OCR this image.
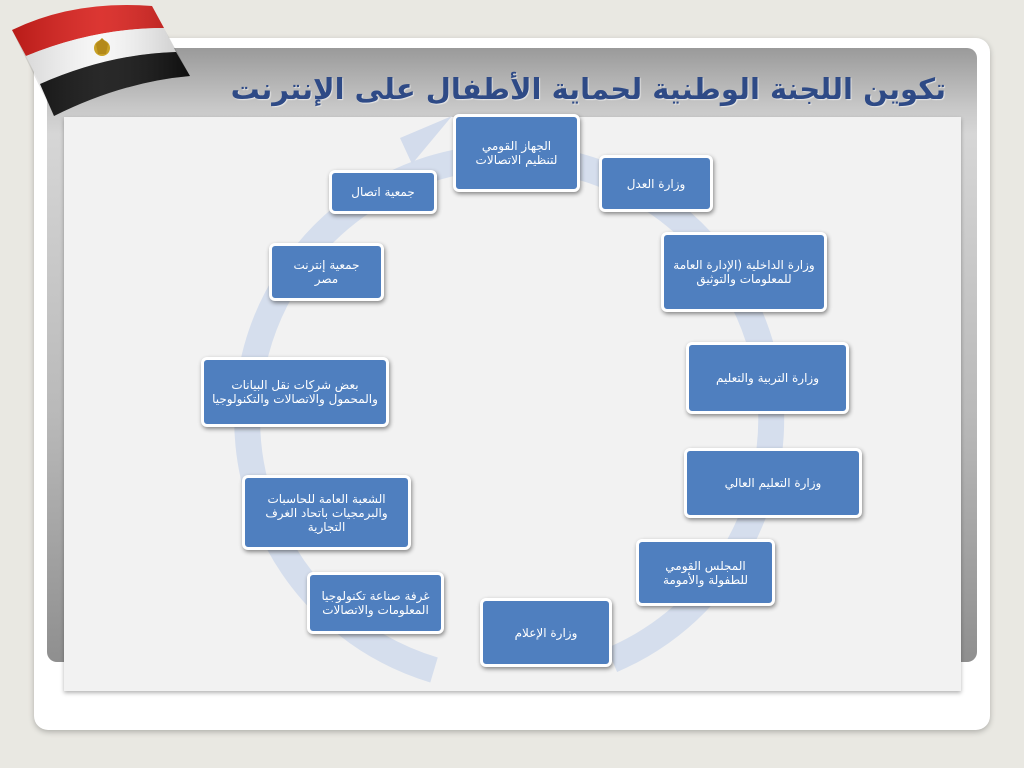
تكوين اللجنة الوطنية لحماية الأطفال على الإنترنت
الجهاز القومي لتنظيم الاتصالات
وزارة العدل
وزارة الداخلية (الإدارة العامة للمعلومات والتوثيق
وزارة التربية والتعليم
وزارة التعليم العالي
المجلس القومي للطفولة والأمومة
وزارة الإعلام
غرفة صناعة تكنولوجيا المعلومات والاتصالات
الشعبة العامة للحاسبات والبرمجيات باتحاد الغرف التجارية
بعض شركات نقل البيانات والمحمول والاتصالات والتكنولوجيا
جمعية إنترنت مصر
جمعية اتصال
